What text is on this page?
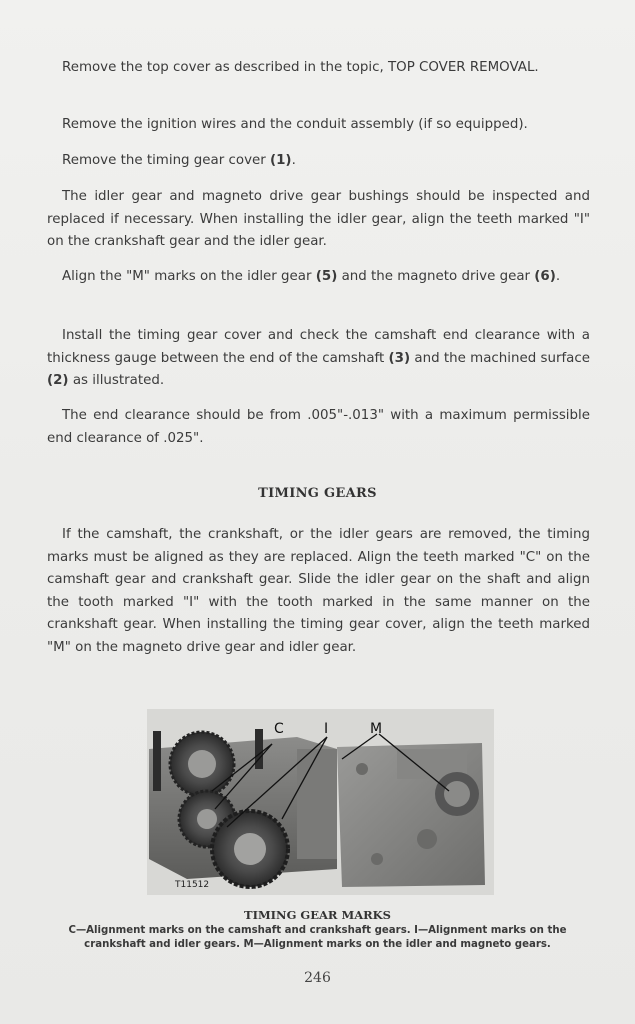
Remove the top cover as described in the topic, TOP COVER REMOVAL.

Remove the ignition wires and the conduit assembly (if so equipped).

Remove the timing gear cover (1).

The idler gear and magneto drive gear bushings should be inspected and replaced if necessary. When installing the idler gear, align the teeth marked "I" on the crankshaft gear and the idler gear.

Align the "M" marks on the idler gear (5) and the magneto drive gear (6).

Install the timing gear cover and check the camshaft end clearance with a thickness gauge between the end of the camshaft (3) and the machined surface (2) as illustrated.

The end clearance should be from .005"-.013" with a maximum permissible end clearance of .025".

TIMING GEARS

If the camshaft, the crankshaft, or the idler gears are removed, the timing marks must be aligned as they are replaced. Align the teeth marked "C" on the camshaft gear and crankshaft gear. Slide the idler gear on the shaft and align the tooth marked "I" with the tooth marked in the same manner on the crankshaft gear. When installing the timing gear cover, align the teeth marked "M" on the magneto drive gear and idler gear.

C	I	M
T11512
TIMING GEAR MARKS
C—Alignment marks on the camshaft and crankshaft gears. I—Alignment marks on the crankshaft and idler gears. M—Alignment marks on the idler and magneto gears.
246
